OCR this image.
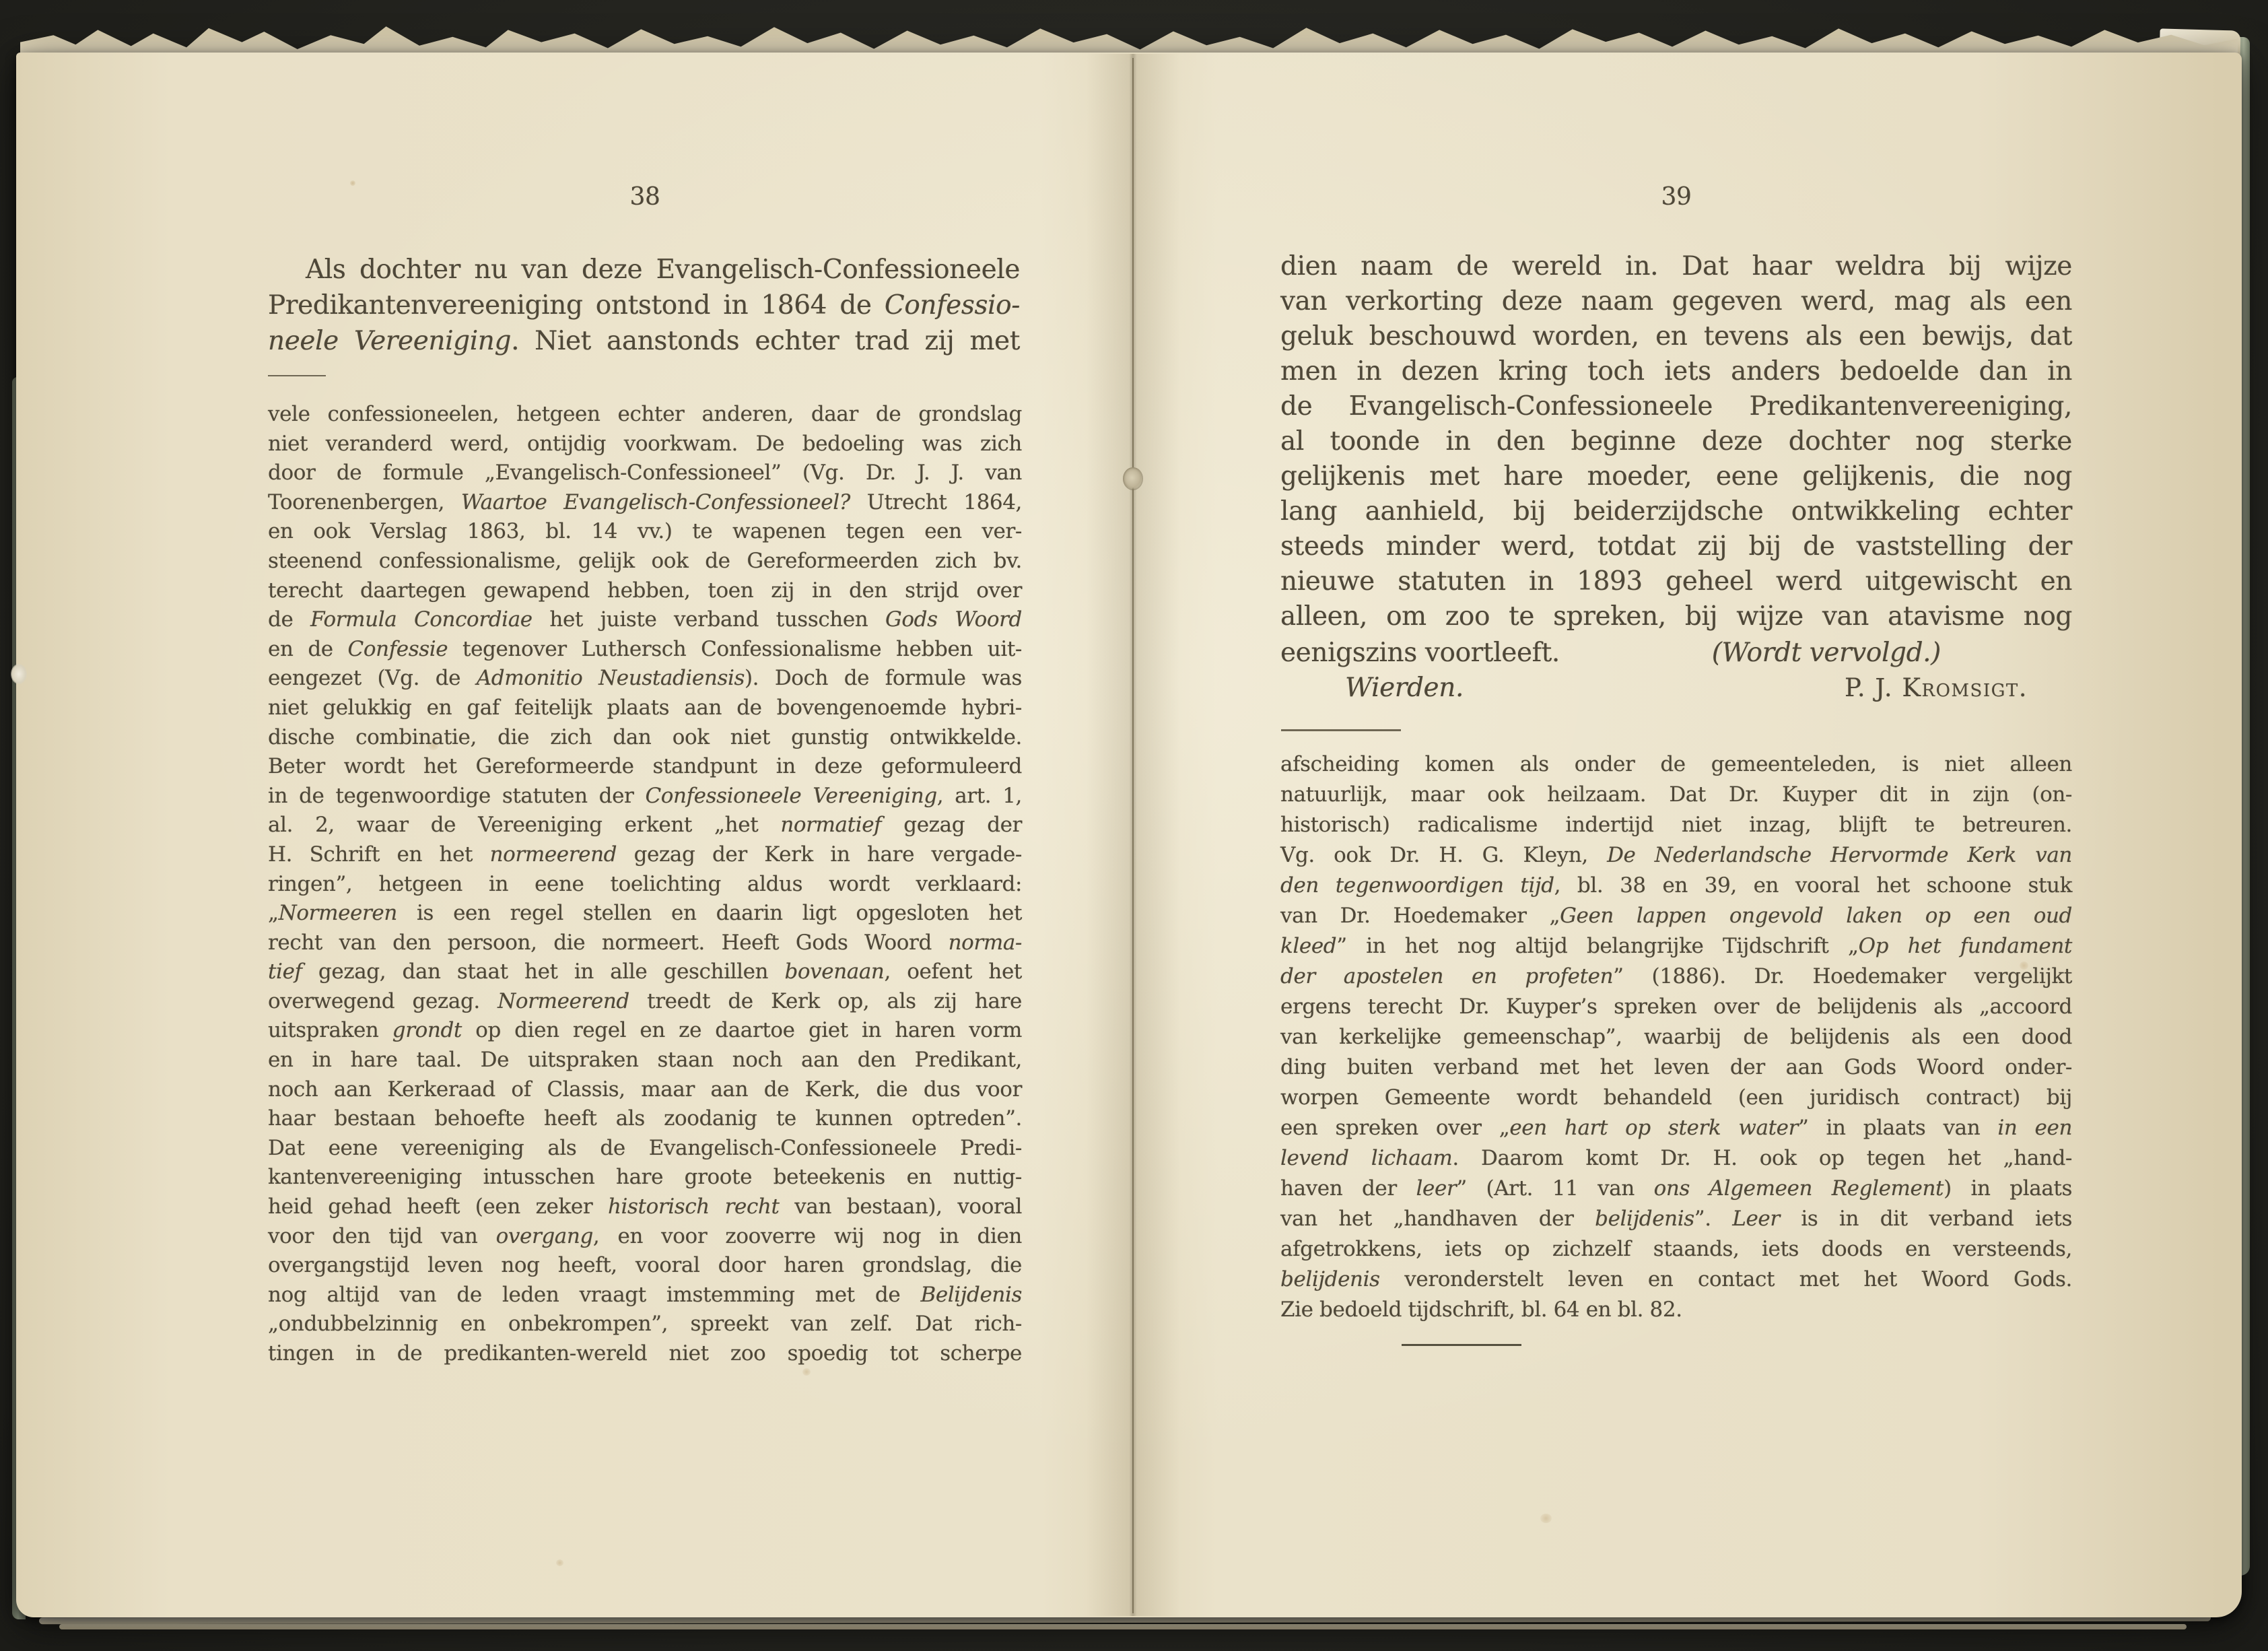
38
Als dochter nu van deze Evangelisch-Confessioneele
Predikantenvereeniging ontstond in 1864 de Confessio-
neele Vereeniging. Niet aanstonds echter trad zij met
vele confessioneelen, hetgeen echter anderen, daar de grondslag
niet veranderd werd, ontijdig voorkwam. De bedoeling was zich
door de formule „Evangelisch-Confessioneel” (Vg. Dr. J. J. van
Toorenenbergen, Waartoe Evangelisch-Confessioneel? Utrecht 1864,
en ook Verslag 1863, bl. 14 vv.) te wapenen tegen een ver-
steenend confessionalisme, gelijk ook de Gereformeerden zich bv.
terecht daartegen gewapend hebben, toen zij in den strijd over
de Formula Concordiae het juiste verband tusschen Gods Woord
en de Confessie tegenover Luthersch Confessionalisme hebben uit-
eengezet (Vg. de Admonitio Neustadiensis). Doch de formule was
niet gelukkig en gaf feitelijk plaats aan de bovengenoemde hybri-
dische combinatie, die zich dan ook niet gunstig ontwikkelde.
Beter wordt het Gereformeerde standpunt in deze geformuleerd
in de tegenwoordige statuten der Confessioneele Vereeniging, art. 1,
al. 2, waar de Vereeniging erkent „het normatief gezag der
H. Schrift en het normeerend gezag der Kerk in hare vergade-
ringen”, hetgeen in eene toelichting aldus wordt verklaard:
„Normeeren is een regel stellen en daarin ligt opgesloten het
recht van den persoon, die normeert. Heeft Gods Woord norma-
tief gezag, dan staat het in alle geschillen bovenaan, oefent het
overwegend gezag. Normeerend treedt de Kerk op, als zij hare
uitspraken grondt op dien regel en ze daartoe giet in haren vorm
en in hare taal. De uitspraken staan noch aan den Predikant,
noch aan Kerkeraad of Classis, maar aan de Kerk, die dus voor
haar bestaan behoefte heeft als zoodanig te kunnen optreden”.
Dat eene vereeniging als de Evangelisch-Confessioneele Predi-
kantenvereeniging intusschen hare groote beteekenis en nuttig-
heid gehad heeft (een zeker historisch recht van bestaan), vooral
voor den tijd van overgang, en voor zooverre wij nog in dien
overgangstijd leven nog heeft, vooral door haren grondslag, die
nog altijd van de leden vraagt imstemming met de Belijdenis
„ondubbelzinnig en onbekrompen”, spreekt van zelf. Dat rich-
tingen in de predikanten-wereld niet zoo spoedig tot scherpe
39
dien naam de wereld in. Dat haar weldra bij wijze
van verkorting deze naam gegeven werd, mag als een
geluk beschouwd worden, en tevens als een bewijs, dat
men in dezen kring toch iets anders bedoelde dan in
de Evangelisch-Confessioneele Predikantenvereeniging,
al toonde in den beginne deze dochter nog sterke
gelijkenis met hare moeder, eene gelijkenis, die nog
lang aanhield, bij beiderzijdsche ontwikkeling echter
steeds minder werd, totdat zij bij de vaststelling der
nieuwe statuten in 1893 geheel werd uitgewischt en
alleen, om zoo te spreken, bij wijze van atavisme nog
eenigszins voortleeft.	(Wordt vervolgd.)
Wierden.	P. J. Kromsigt.
afscheiding komen als onder de gemeenteleden, is niet alleen
natuurlijk, maar ook heilzaam. Dat Dr. Kuyper dit in zijn (on-
historisch) radicalisme indertijd niet inzag, blijft te betreuren.
Vg. ook Dr. H. G. Kleyn, De Nederlandsche Hervormde Kerk van
den tegenwoordigen tijd, bl. 38 en 39, en vooral het schoone stuk
van Dr. Hoedemaker „Geen lappen ongevold laken op een oud
kleed” in het nog altijd belangrijke Tijdschrift „Op het fundament
der apostelen en profeten” (1886). Dr. Hoedemaker vergelijkt
ergens terecht Dr. Kuyper’s spreken over de belijdenis als „accoord
van kerkelijke gemeenschap”, waarbij de belijdenis als een dood
ding buiten verband met het leven der aan Gods Woord onder-
worpen Gemeente wordt behandeld (een juridisch contract) bij
een spreken over „een hart op sterk water” in plaats van in een
levend lichaam. Daarom komt Dr. H. ook op tegen het „hand-
haven der leer” (Art. 11 van ons Algemeen Reglement) in plaats
van het „handhaven der belijdenis”. Leer is in dit verband iets
afgetrokkens, iets op zichzelf staands, iets doods en versteends,
belijdenis veronderstelt leven en contact met het Woord Gods.
Zie bedoeld tijdschrift, bl. 64 en bl. 82.
